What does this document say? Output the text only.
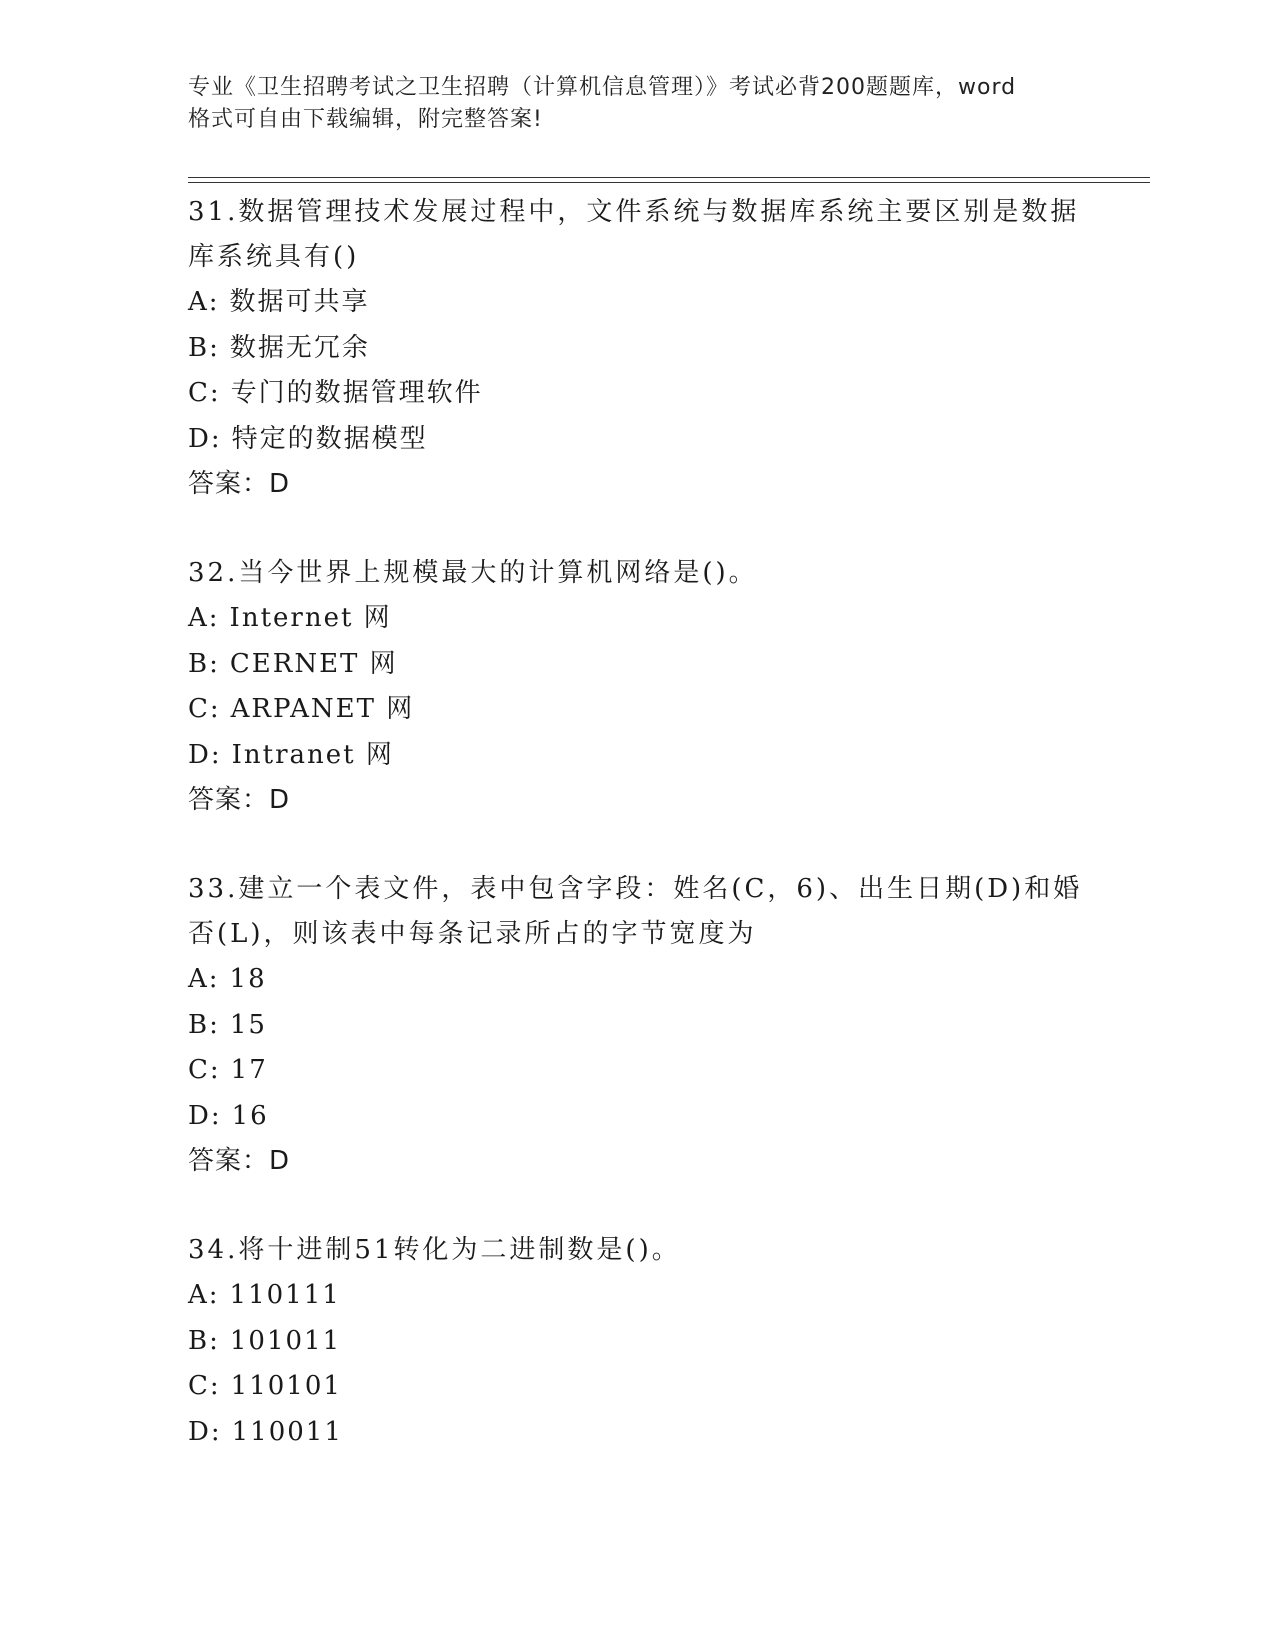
专业《卫生招聘考试之卫生招聘（计算机信息管理）》考试必背200题题库，word
格式可自由下载编辑，附完整答案!

31.数据管理技术发展过程中，文件系统与数据库系统主要区别是数据
库系统具有()

A: 数据可共享

B: 数据无冗余

C: 专门的数据管理软件

D: 特定的数据模型

答案：D

32.当今世界上规模最大的计算机网络是()。

A: Internet 网

B: CERNET 网

C: ARPANET 网

D: Intranet 网

答案：D

33.建立一个表文件，表中包含字段：姓名(C，6)、出生日期(D)和婚
否(L)，则该表中每条记录所占的字节宽度为

A: 18

B: 15

C: 17

D: 16

答案：D

34.将十进制51转化为二进制数是()。

A: 110111

B: 101011

C: 110101

D: 110011
